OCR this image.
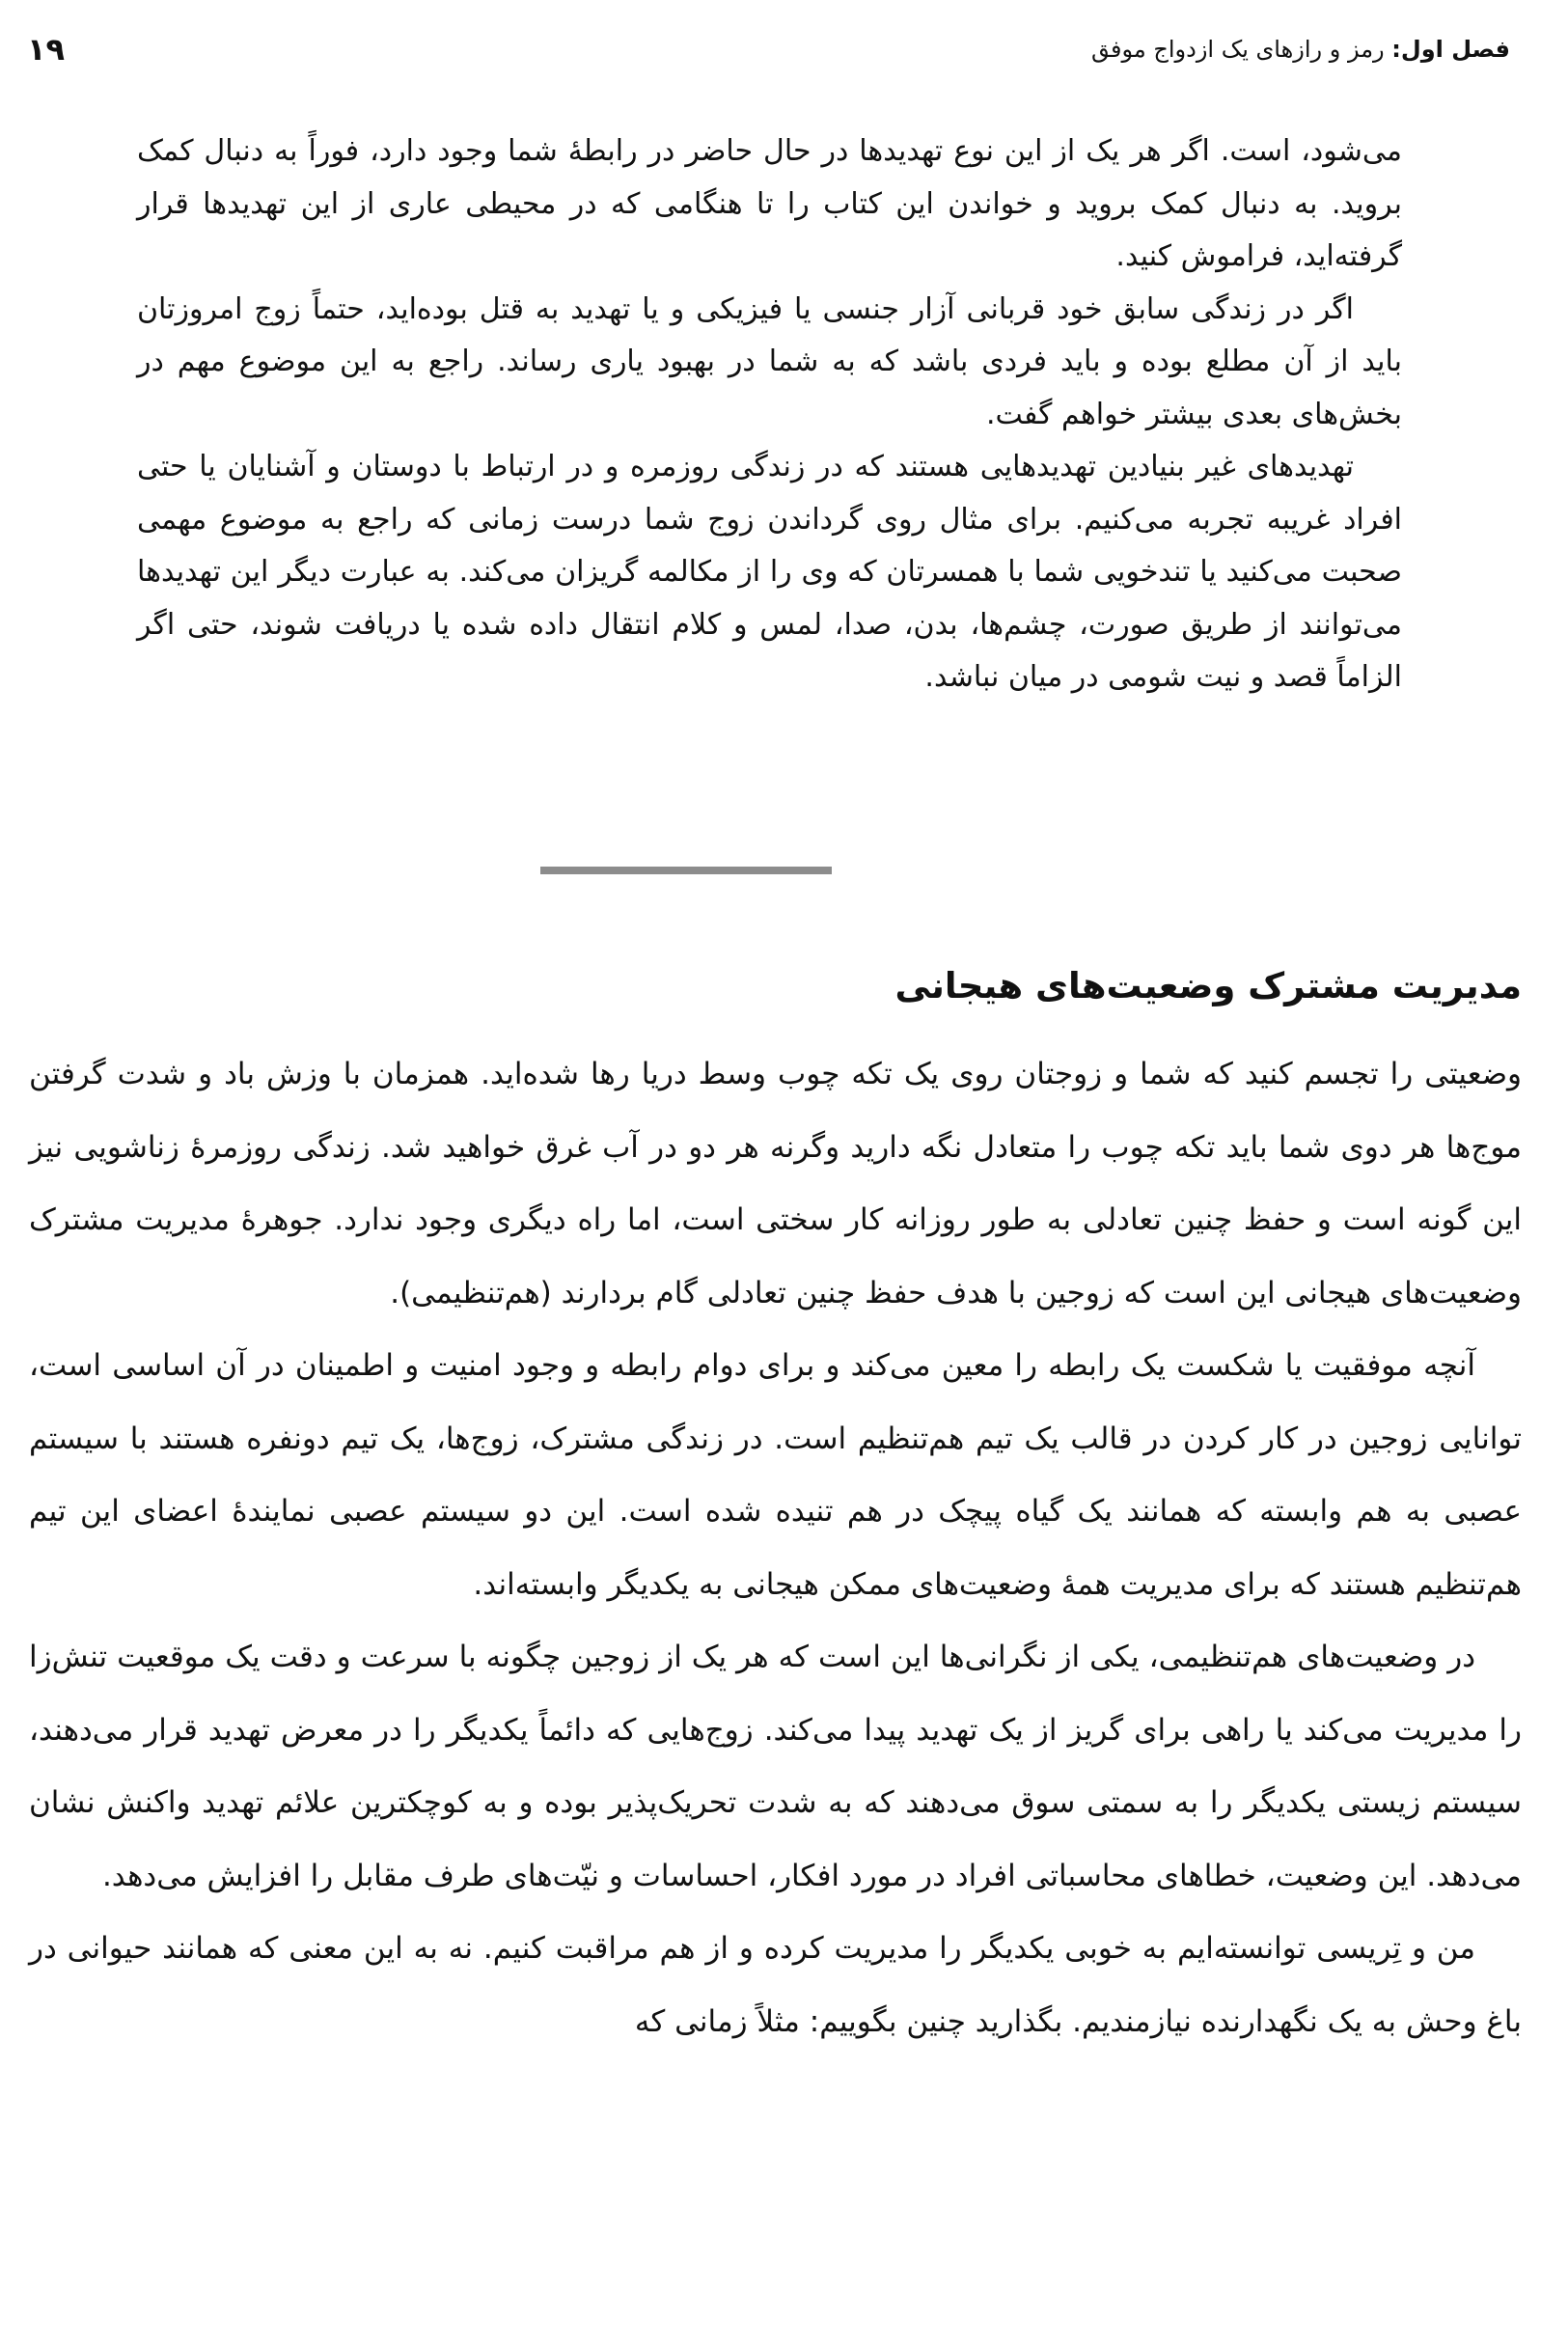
فصل اول: رمز و رازهای یک ازدواج موفق
۱۹

می‌شود، است. اگر هر یک از این نوع تهدیدها در حال حاضر در رابطهٔ شما وجود دارد، فوراً به دنبال کمک بروید. به دنبال کمک بروید و خواندن این کتاب را تا هنگامی که در محیطی عاری از این تهدیدها قرار گرفته‌اید، فراموش کنید.

اگر در زندگی سابق خود قربانی آزار جنسی یا فیزیکی و یا تهدید به قتل بوده‌اید، حتماً زوج امروزتان باید از آن مطلع بوده و باید فردی باشد که به شما در بهبود یاری رساند. راجع به این موضوع مهم در بخش‌های بعدی بیشتر خواهم گفت.

تهدیدهای غیر بنیادین تهدیدهایی هستند که در زندگی روزمره و در ارتباط با دوستان و آشنایان یا حتی افراد غریبه تجربه می‌کنیم. برای مثال روی گرداندن زوج شما درست زمانی که راجع به موضوع مهمی صحبت می‌کنید یا تندخویی شما با همسرتان که وی را از مکالمه گریزان می‌کند. به عبارت دیگر این تهدیدها می‌توانند از طریق صورت، چشم‌ها، بدن، صدا، لمس و کلام انتقال داده شده یا دریافت شوند، حتی اگر الزاماً قصد و نیت شومی در میان نباشد.

مدیریت مشترک وضعیت‌های هیجانی

وضعیتی را تجسم کنید که شما و زوجتان روی یک تکه چوب وسط دریا رها شده‌اید. همزمان با وزش باد و شدت گرفتن موج‌ها هر دوی شما باید تکه چوب را متعادل نگه دارید وگرنه هر دو در آب غرق خواهید شد. زندگی روزمرهٔ زناشویی نیز این گونه است و حفظ چنین تعادلی به طور روزانه کار سختی است، اما راه دیگری وجود ندارد. جوهرهٔ مدیریت مشترک وضعیت‌های هیجانی این است که زوجین با هدف حفظ چنین تعادلی گام بردارند (هم‌تنظیمی).

آنچه موفقیت یا شکست یک رابطه را معین می‌کند و برای دوام رابطه و وجود امنیت و اطمینان در آن اساسی است، توانایی زوجین در کار کردن در قالب یک تیم هم‌تنظیم است. در زندگی مشترک، زوج‌ها، یک تیم دونفره هستند با سیستم عصبی به هم وابسته که همانند یک گیاه پیچک در هم تنیده شده است. این دو سیستم عصبی نمایندهٔ اعضای این تیم هم‌تنظیم هستند که برای مدیریت همهٔ وضعیت‌های ممکن هیجانی به یکدیگر وابسته‌اند.

در وضعیت‌های هم‌تنظیمی، یکی از نگرانی‌ها این است که هر یک از زوجین چگونه با سرعت و دقت یک موقعیت تنش‌زا را مدیریت می‌کند یا راهی برای گریز از یک تهدید پیدا می‌کند. زوج‌هایی که دائماً یکدیگر را در معرض تهدید قرار می‌دهند، سیستم زیستی یکدیگر را به سمتی سوق می‌دهند که به شدت تحریک‌پذیر بوده و به کوچکترین علائم تهدید واکنش نشان می‌دهد. این وضعیت، خطاهای محاسباتی افراد در مورد افکار، احساسات و نیّت‌های طرف مقابل را افزایش می‌دهد.

من و تِریسی توانسته‌ایم به خوبی یکدیگر را مدیریت کرده و از هم مراقبت کنیم. نه به این معنی که همانند حیوانی در باغ وحش به یک نگهدارنده نیازمندیم. بگذارید چنین بگوییم: مثلاً زمانی که
